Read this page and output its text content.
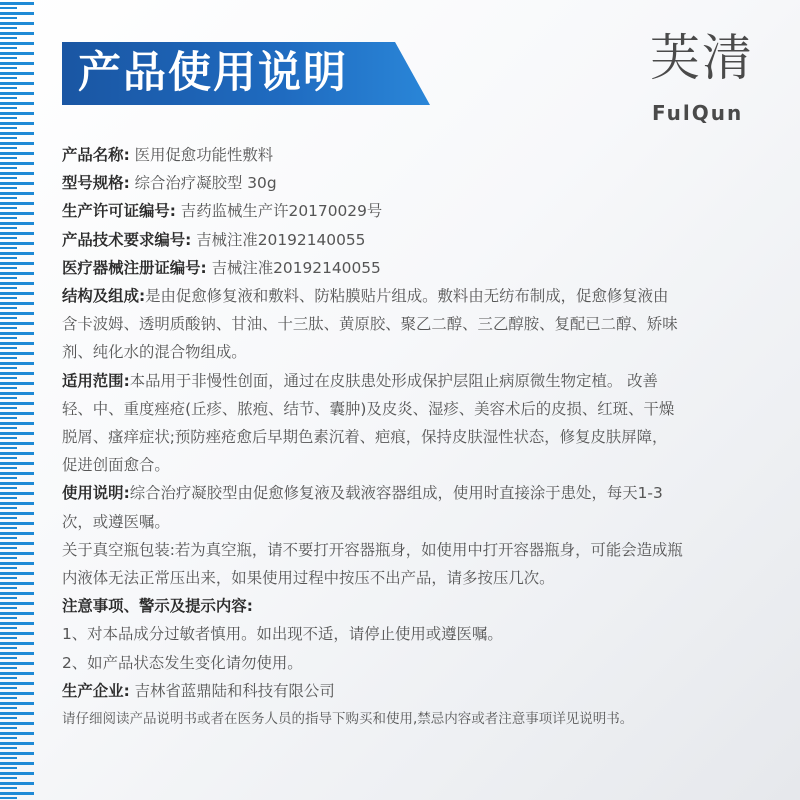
产品使用说明	芙清
FulQun
产品名称: 医用促愈功能性敷料
型号规格: 综合治疗凝胶型 30g
生产许可证编号: 吉药监械生产许20170029号
产品技术要求编号: 吉械注准20192140055
医疗器械注册证编号: 吉械注准20192140055
结构及组成:是由促愈修复液和敷料、防粘膜贴片组成。敷料由无纺布制成，促愈修复液由
含卡波姆、透明质酸钠、甘油、十三肽、黄原胶、聚乙二醇、三乙醇胺、复配已二醇、矫味
剂、纯化水的混合物组成。
适用范围:本品用于非慢性创面，通过在皮肤患处形成保护层阻止病原微生物定植。 改善
轻、中、重度痤疮(丘疹、脓疱、结节、囊肿)及皮炎、湿疹、美容术后的皮损、红斑、干燥
脱屑、瘙痒症状;预防痤疮愈后早期色素沉着、疤痕，保持皮肤湿性状态，修复皮肤屏障，
促进创面愈合。
使用说明:综合治疗凝胶型由促愈修复液及载液容器组成，使用时直接涂于患处，每天1-3
次，或遵医嘱。
关于真空瓶包装:若为真空瓶，请不要打开容器瓶身，如使用中打开容器瓶身，可能会造成瓶
内液体无法正常压出来，如果使用过程中按压不出产品，请多按压几次。
注意事项、警示及提示内容:
1、对本品成分过敏者慎用。如出现不适，请停止使用或遵医嘱。
2、如产品状态发生变化请勿使用。
生产企业: 吉林省蓝鼎陆和科技有限公司
请仔细阅读产品说明书或者在医务人员的指导下购买和使用,禁忌内容或者注意事项详见说明书。
